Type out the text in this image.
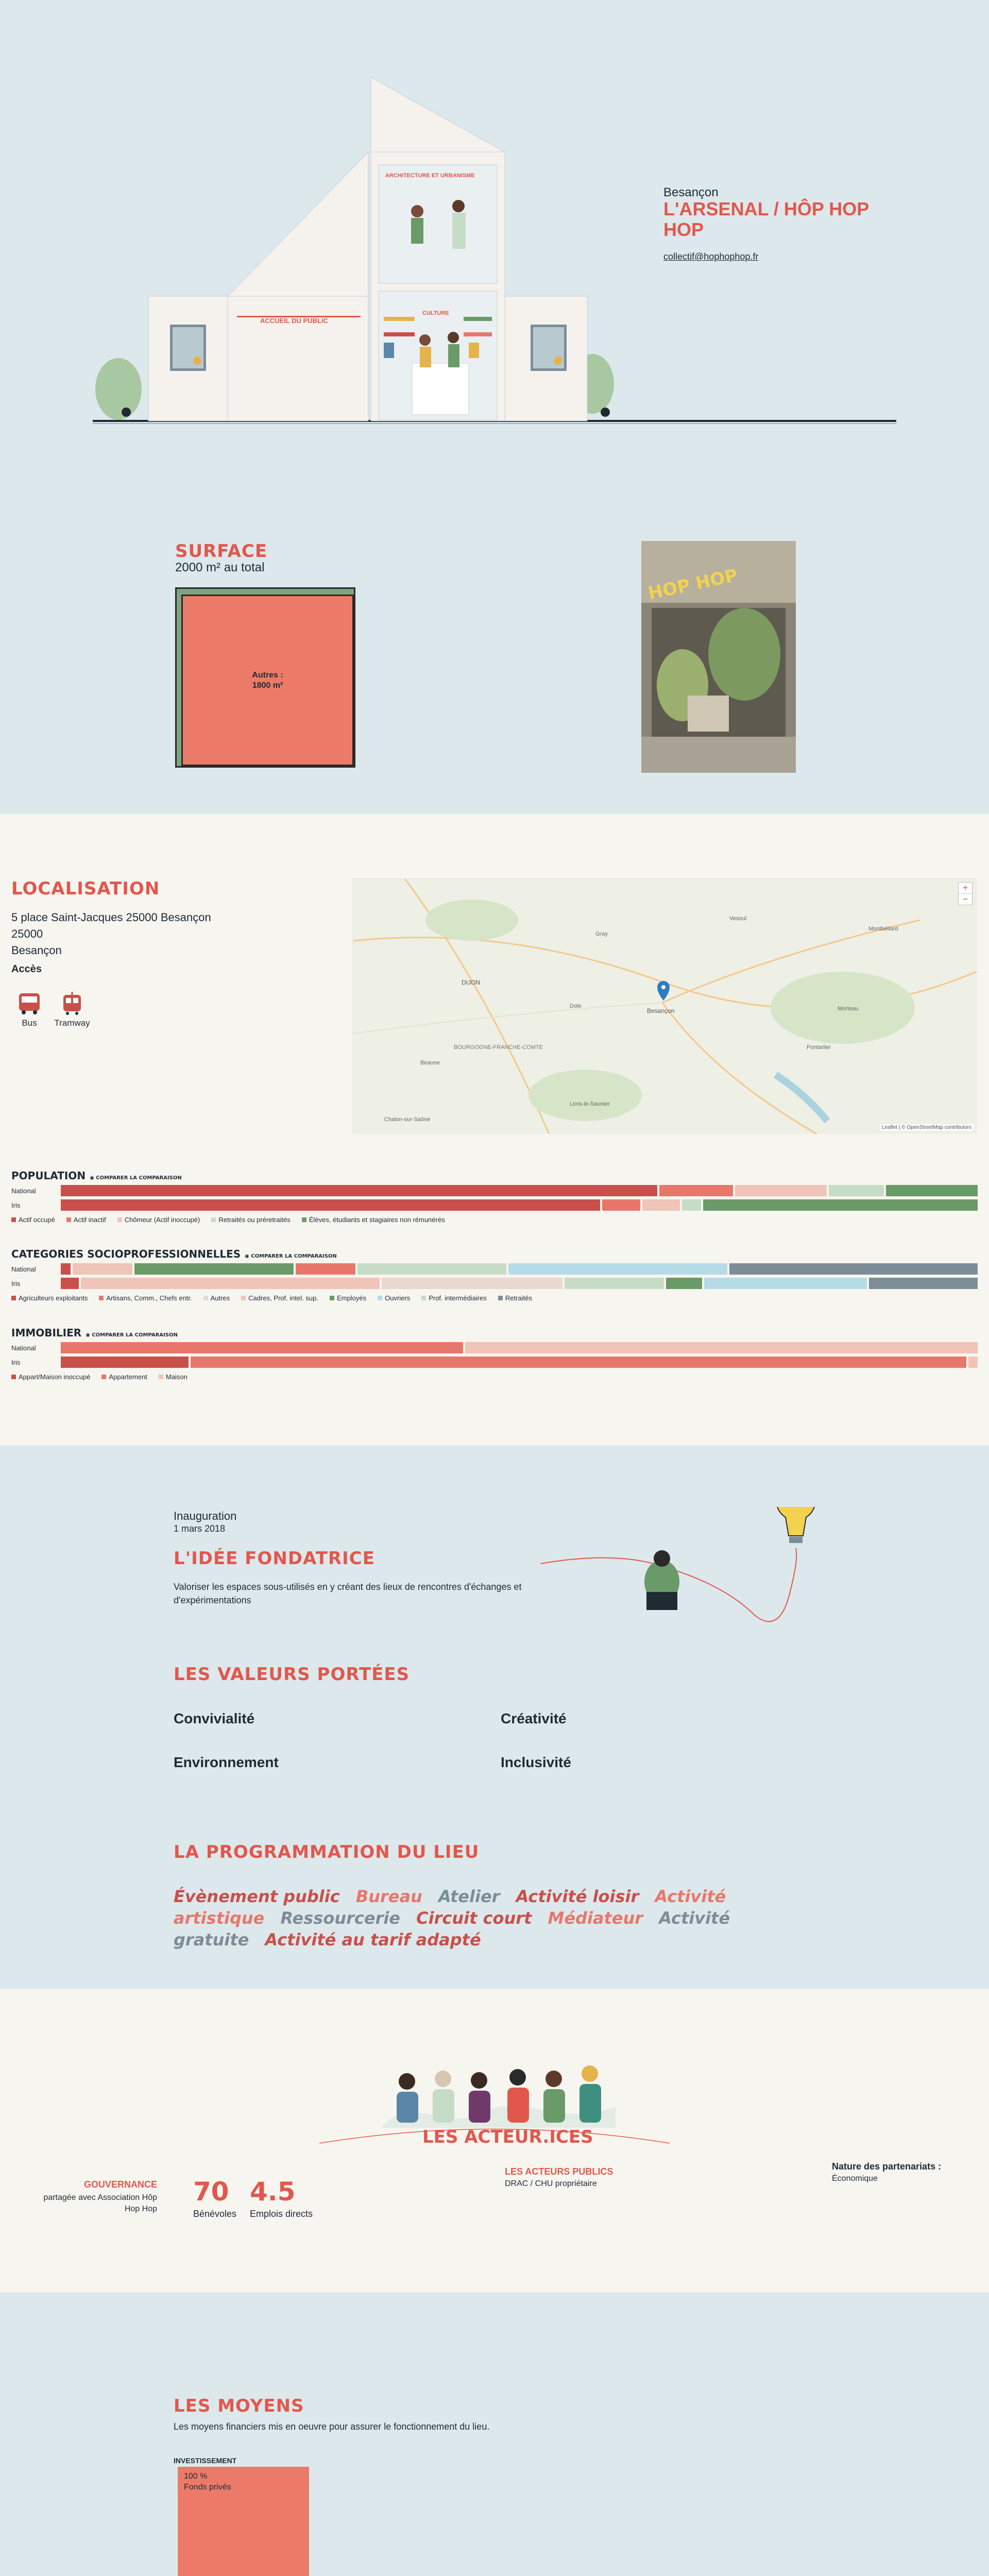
ARCHITECTURE ET URBANISME
ACCUEIL DU PUBLIC
CULTURE
Besançon
L'ARSENAL / HÔP HOP HOP
collectif@hophophop.fr
SURFACE
2000 m² au total
Autres :
1800 m²
HOP HOP
LOCALISATION
5 place Saint-Jacques 25000 Besançon
25000
Besançon
Accès
Bus	Tramway
DIJON
Besançon
BOURGOGNE-FRANCHE-COMTE
Dole
Vesoul
Beaune
Pontarlier
Lons-le-Saunier
Morteau
Chalon-sur-Saône
Gray
Montbéliard
+
−
Leaflet | © OpenStreetMap contributors
POPULATION ◉ COMPARER LA COMPARAISON
National
Iris
Actif occupé	Actif inactif	Chômeur (Actif inoccupé)	Retraités ou préretraités	Élèves, étudiants et stagiaires non rémunérés
CATEGORIES SOCIOPROFESSIONNELLES ◉ COMPARER LA COMPARAISON
National
Iris
Agriculteurs exploitants	Artisans, Comm., Chefs entr.	Autres	Cadres, Prof. intel. sup.	Employés	Ouvriers	Prof. intermédiaires	Retraités
IMMOBILIER ◉ COMPARER LA COMPARAISON
National
Iris
Appart/Maison inoccupé	Appartement	Maison
Inauguration
1 mars 2018
L'IDÉE FONDATRICE
Valoriser les espaces sous-utilisés en y créant des lieux de rencontres d'échanges et d'expérimentations
LES VALEURS PORTÉES
Convivialité	Créativité
Environnement	Inclusivité
LA PROGRAMMATION DU LIEU
Évènement public Bureau Atelier Activité loisir Activité artistique Ressourcerie Circuit court Médiateur Activité gratuite Activité au tarif adapté
LES ACTEUR.ICES
GOUVERNANCE
partagée avec Association Hôp
Hop Hop
70
Bénévoles
4.5
Emplois directs
LES ACTEURS PUBLICS
DRAC / CHU propriétaire
Nature des partenariats :
Économique
LES MOYENS
Les moyens financiers mis en oeuvre pour assurer le fonctionnement du lieu.
INVESTISSEMENT
100 %
Fonds privés
